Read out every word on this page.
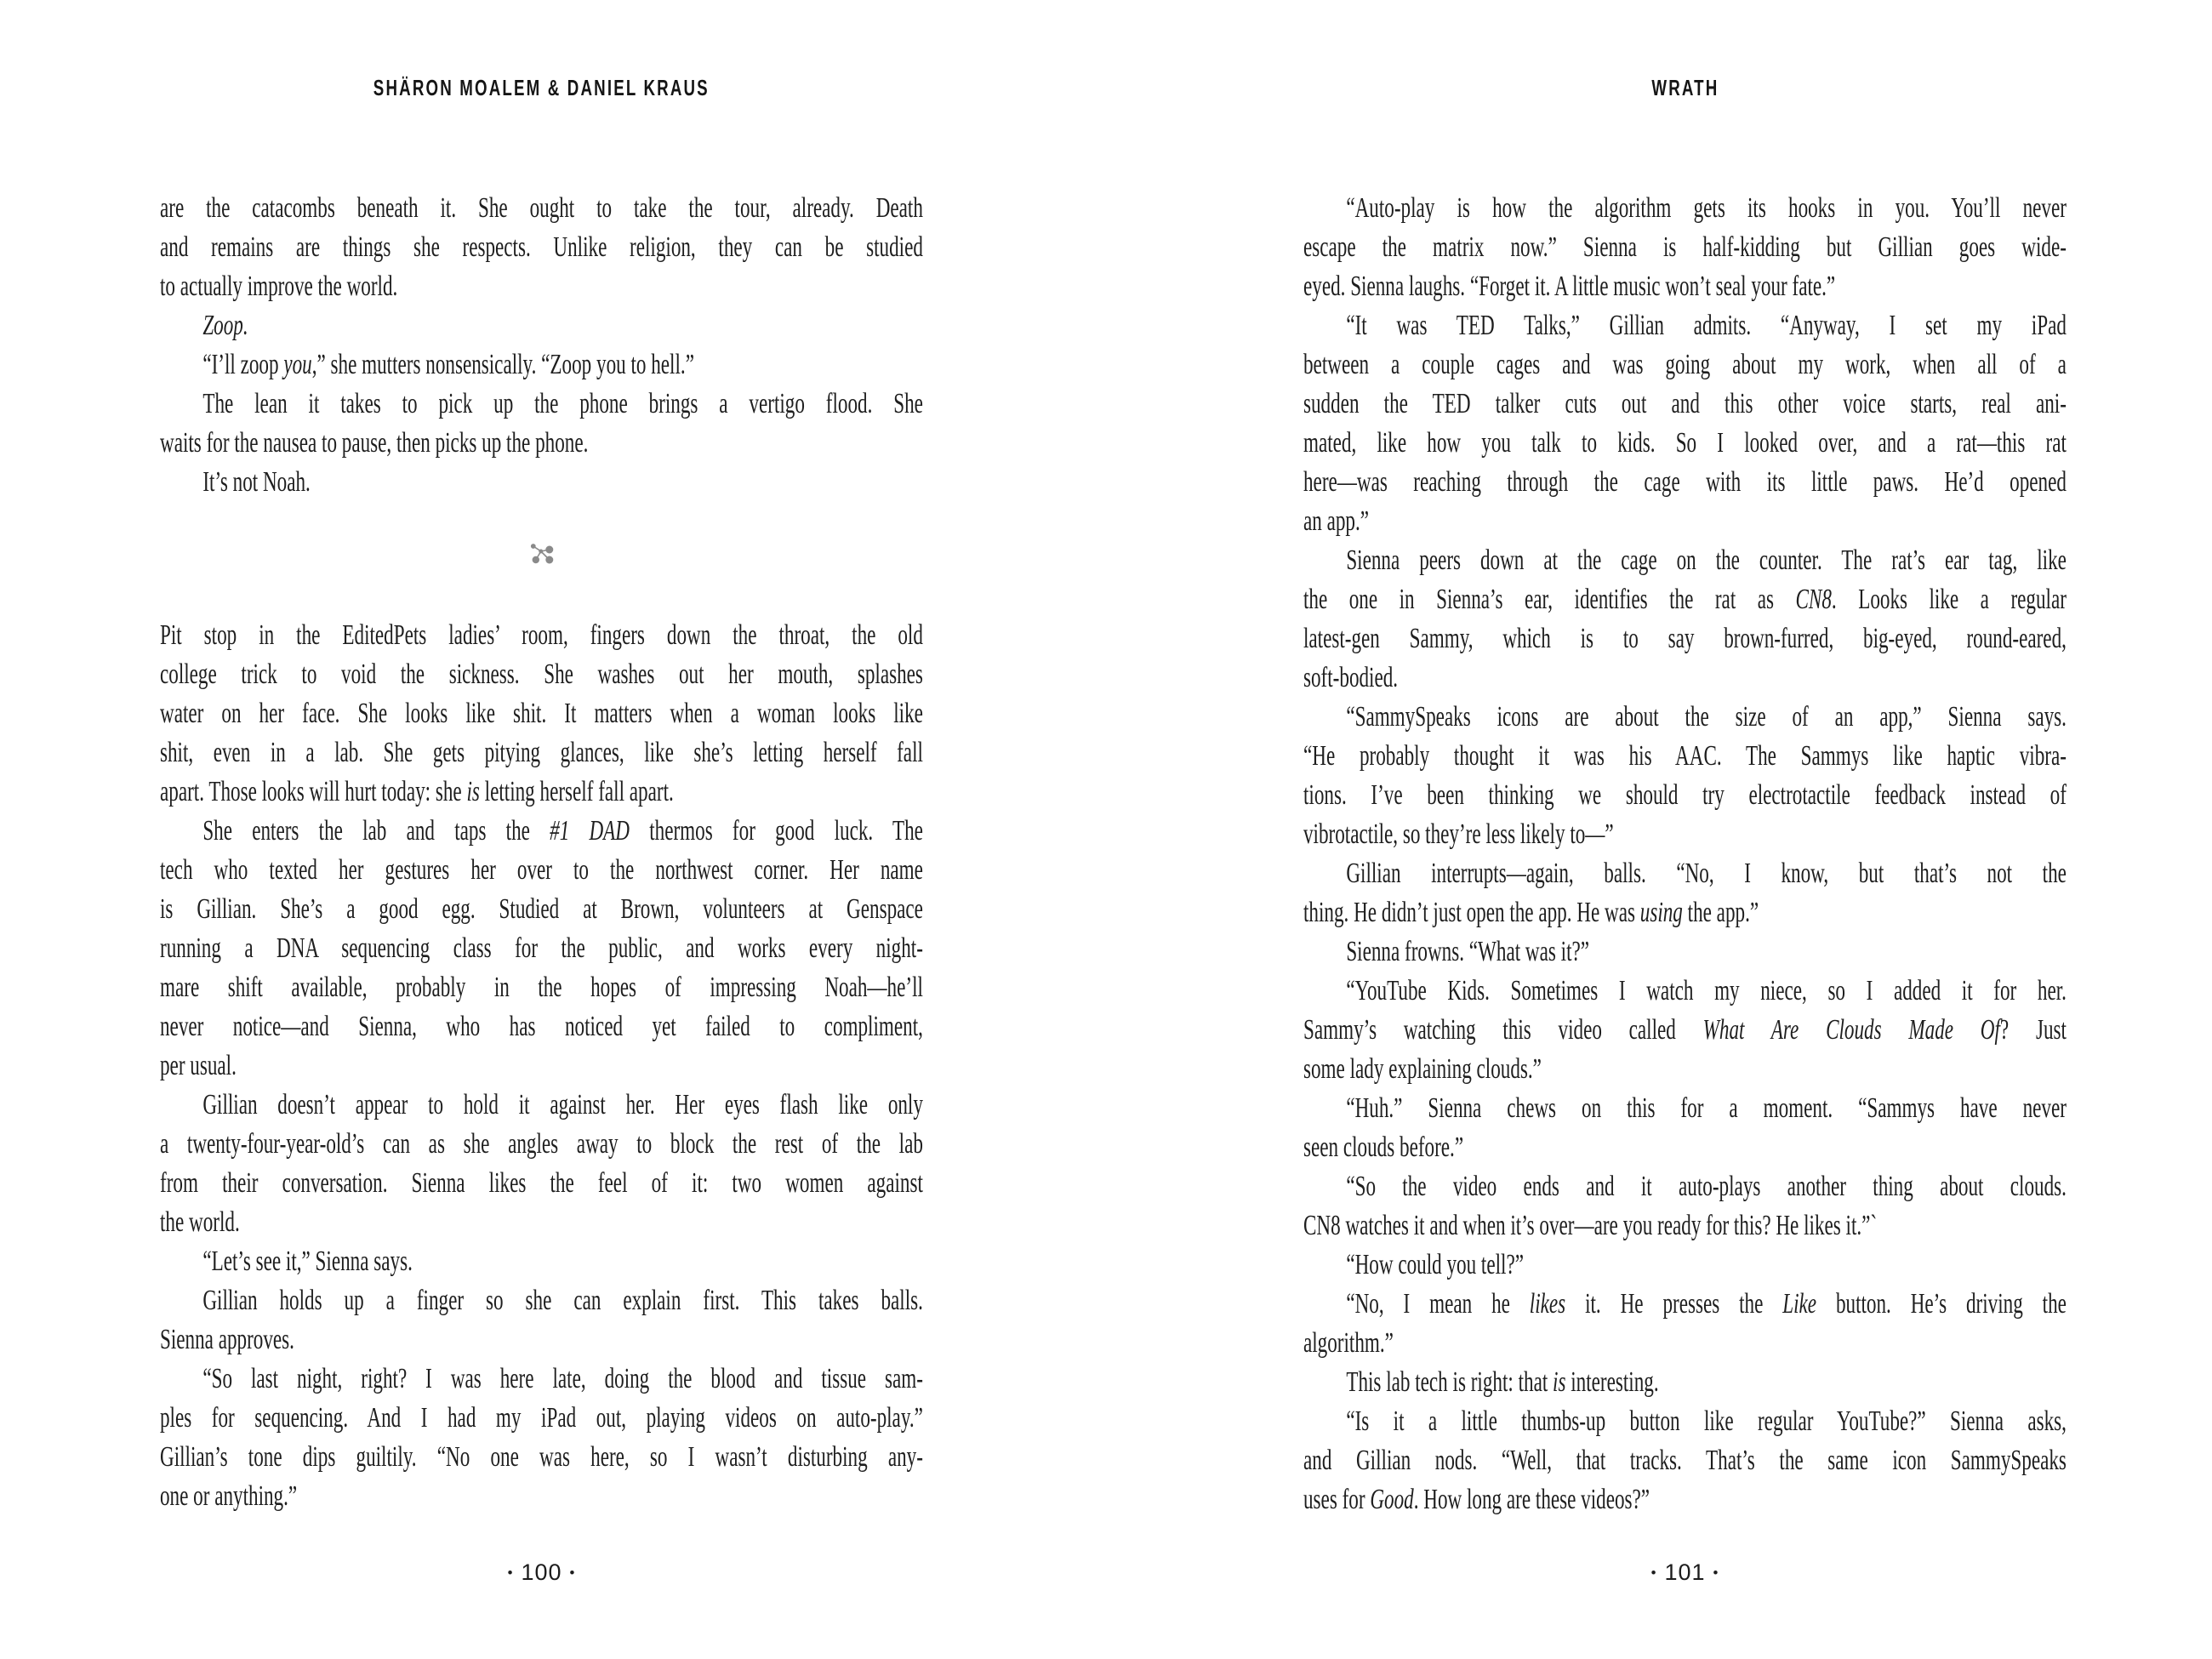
SHÄRON MOALEM & DANIEL KRAUS	WRATH
are the catacombs beneath it. She ought to take the tour, already. Death
and remains are things she respects. Unlike religion, they can be studied
to actually improve the world.
Zoop.
“I’ll zoop you,” she mutters nonsensically. “Zoop you to hell.”
The lean it takes to pick up the phone brings a vertigo flood. She
waits for the nausea to pause, then picks up the phone.
It’s not Noah.
Pit stop in the EditedPets ladies’ room, fingers down the throat, the old
college trick to void the sickness. She washes out her mouth, splashes
water on her face. She looks like shit. It matters when a woman looks like
shit, even in a lab. She gets pitying glances, like she’s letting herself fall
apart. Those looks will hurt today: she is letting herself fall apart.
She enters the lab and taps the #1 DAD thermos for good luck. The
tech who texted her gestures her over to the northwest corner. Her name
is Gillian. She’s a good egg. Studied at Brown, volunteers at Genspace
running a DNA sequencing class for the public, and works every night-
mare shift available, probably in the hopes of impressing Noah—he’ll
never notice—and Sienna, who has noticed yet failed to compliment,
per usual.
Gillian doesn’t appear to hold it against her. Her eyes flash like only
a twenty-four-year-old’s can as she angles away to block the rest of the lab
from their conversation. Sienna likes the feel of it: two women against
the world.
“Let’s see it,” Sienna says.
Gillian holds up a finger so she can explain first. This takes balls.
Sienna approves.
“So last night, right? I was here late, doing the blood and tissue sam-
ples for sequencing. And I had my iPad out, playing videos on auto-play.”
Gillian’s tone dips guiltily. “No one was here, so I wasn’t disturbing any-
one or anything.”
“Auto-play is how the algorithm gets its hooks in you. You’ll never
escape the matrix now.” Sienna is half-kidding but Gillian goes wide-
eyed. Sienna laughs. “Forget it. A little music won’t seal your fate.”
“It was TED Talks,” Gillian admits. “Anyway, I set my iPad
between a couple cages and was going about my work, when all of a
sudden the TED talker cuts out and this other voice starts, real ani-
mated, like how you talk to kids. So I looked over, and a rat—this rat
here—was reaching through the cage with its little paws. He’d opened
an app.”
Sienna peers down at the cage on the counter. The rat’s ear tag, like
the one in Sienna’s ear, identifies the rat as CN8. Looks like a regular
latest-gen Sammy, which is to say brown-furred, big-eyed, round-eared,
soft-bodied.
“SammySpeaks icons are about the size of an app,” Sienna says.
“He probably thought it was his AAC. The Sammys like haptic vibra-
tions. I’ve been thinking we should try electrotactile feedback instead of
vibrotactile, so they’re less likely to—”
Gillian interrupts—again, balls. “No, I know, but that’s not the
thing. He didn’t just open the app. He was using the app.”
Sienna frowns. “What was it?”
“YouTube Kids. Sometimes I watch my niece, so I added it for her.
Sammy’s watching this video called What Are Clouds Made Of? Just
some lady explaining clouds.”
“Huh.” Sienna chews on this for a moment. “Sammys have never
seen clouds before.”
“So the video ends and it auto-plays another thing about clouds.
CN8 watches it and when it’s over—are you ready for this? He likes it.”`
“How could you tell?”
“No, I mean he likes it. He presses the Like button. He’s driving the
algorithm.”
This lab tech is right: that is interesting.
“Is it a little thumbs-up button like regular YouTube?” Sienna asks,
and Gillian nods. “Well, that tracks. That’s the same icon SammySpeaks
uses for Good. How long are these videos?”
• 100 •	• 101 •
